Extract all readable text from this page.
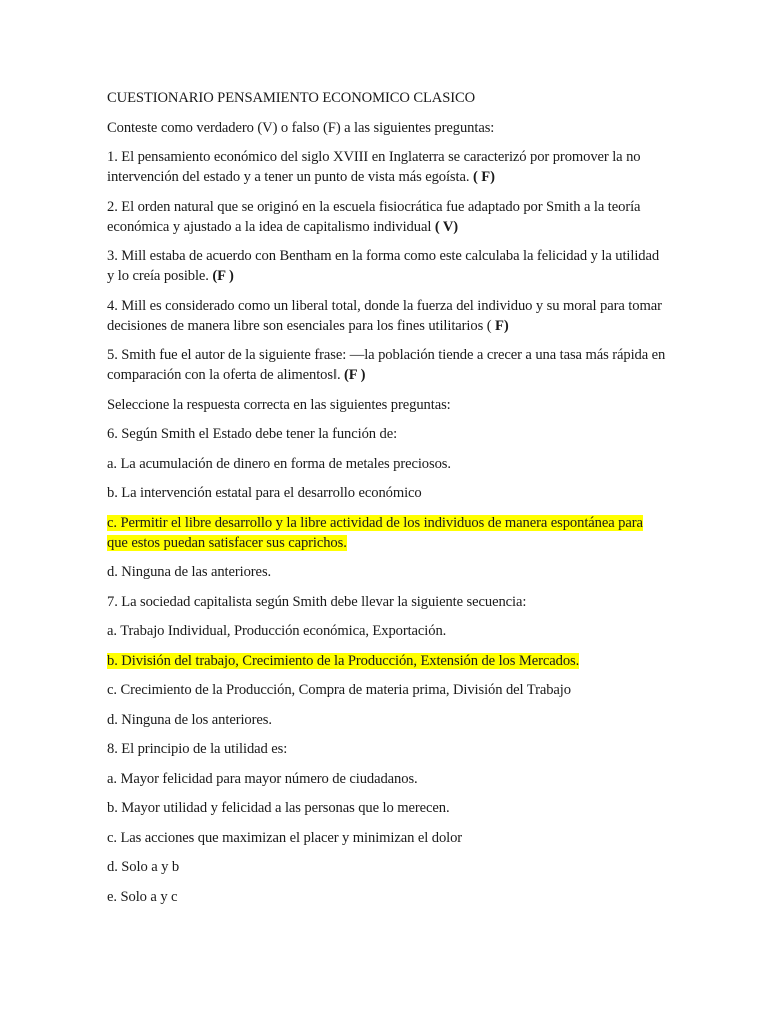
CUESTIONARIO PENSAMIENTO ECONOMICO CLASICO

Conteste como verdadero (V) o falso (F) a las siguientes preguntas:

1. El pensamiento económico del siglo XVIII en Inglaterra se caracterizó por promover la no intervención del estado y a tener un punto de vista más egoísta. ( F)

2. El orden natural que se originó en la escuela fisiocrática fue adaptado por Smith a la teoría económica y ajustado a la idea de capitalismo individual ( V)

3. Mill estaba de acuerdo con Bentham en la forma como este calculaba la felicidad y la utilidad y lo creía posible. (F )

4. Mill es considerado como un liberal total, donde la fuerza del individuo y su moral para tomar decisiones de manera libre son esenciales para los fines utilitarios ( F)

5. Smith fue el autor de la siguiente frase: ―la población tiende a crecer a una tasa más rápida en comparación con la oferta de alimentos‖. (F )

Seleccione la respuesta correcta en las siguientes preguntas:

6. Según Smith el Estado debe tener la función de:

a. La acumulación de dinero en forma de metales preciosos.

b. La intervención estatal para el desarrollo económico

c. Permitir el libre desarrollo y la libre actividad de los individuos de manera espontánea para que estos puedan satisfacer sus caprichos.

d. Ninguna de las anteriores.

7. La sociedad capitalista según Smith debe llevar la siguiente secuencia:

a. Trabajo Individual, Producción económica, Exportación.

b. División del trabajo, Crecimiento de la Producción, Extensión de los Mercados.

c. Crecimiento de la Producción, Compra de materia prima, División del Trabajo

d. Ninguna de los anteriores.

8. El principio de la utilidad es:

a. Mayor felicidad para mayor número de ciudadanos.

b. Mayor utilidad y felicidad a las personas que lo merecen.

c. Las acciones que maximizan el placer y minimizan el dolor

d. Solo a y b

e. Solo a y c
